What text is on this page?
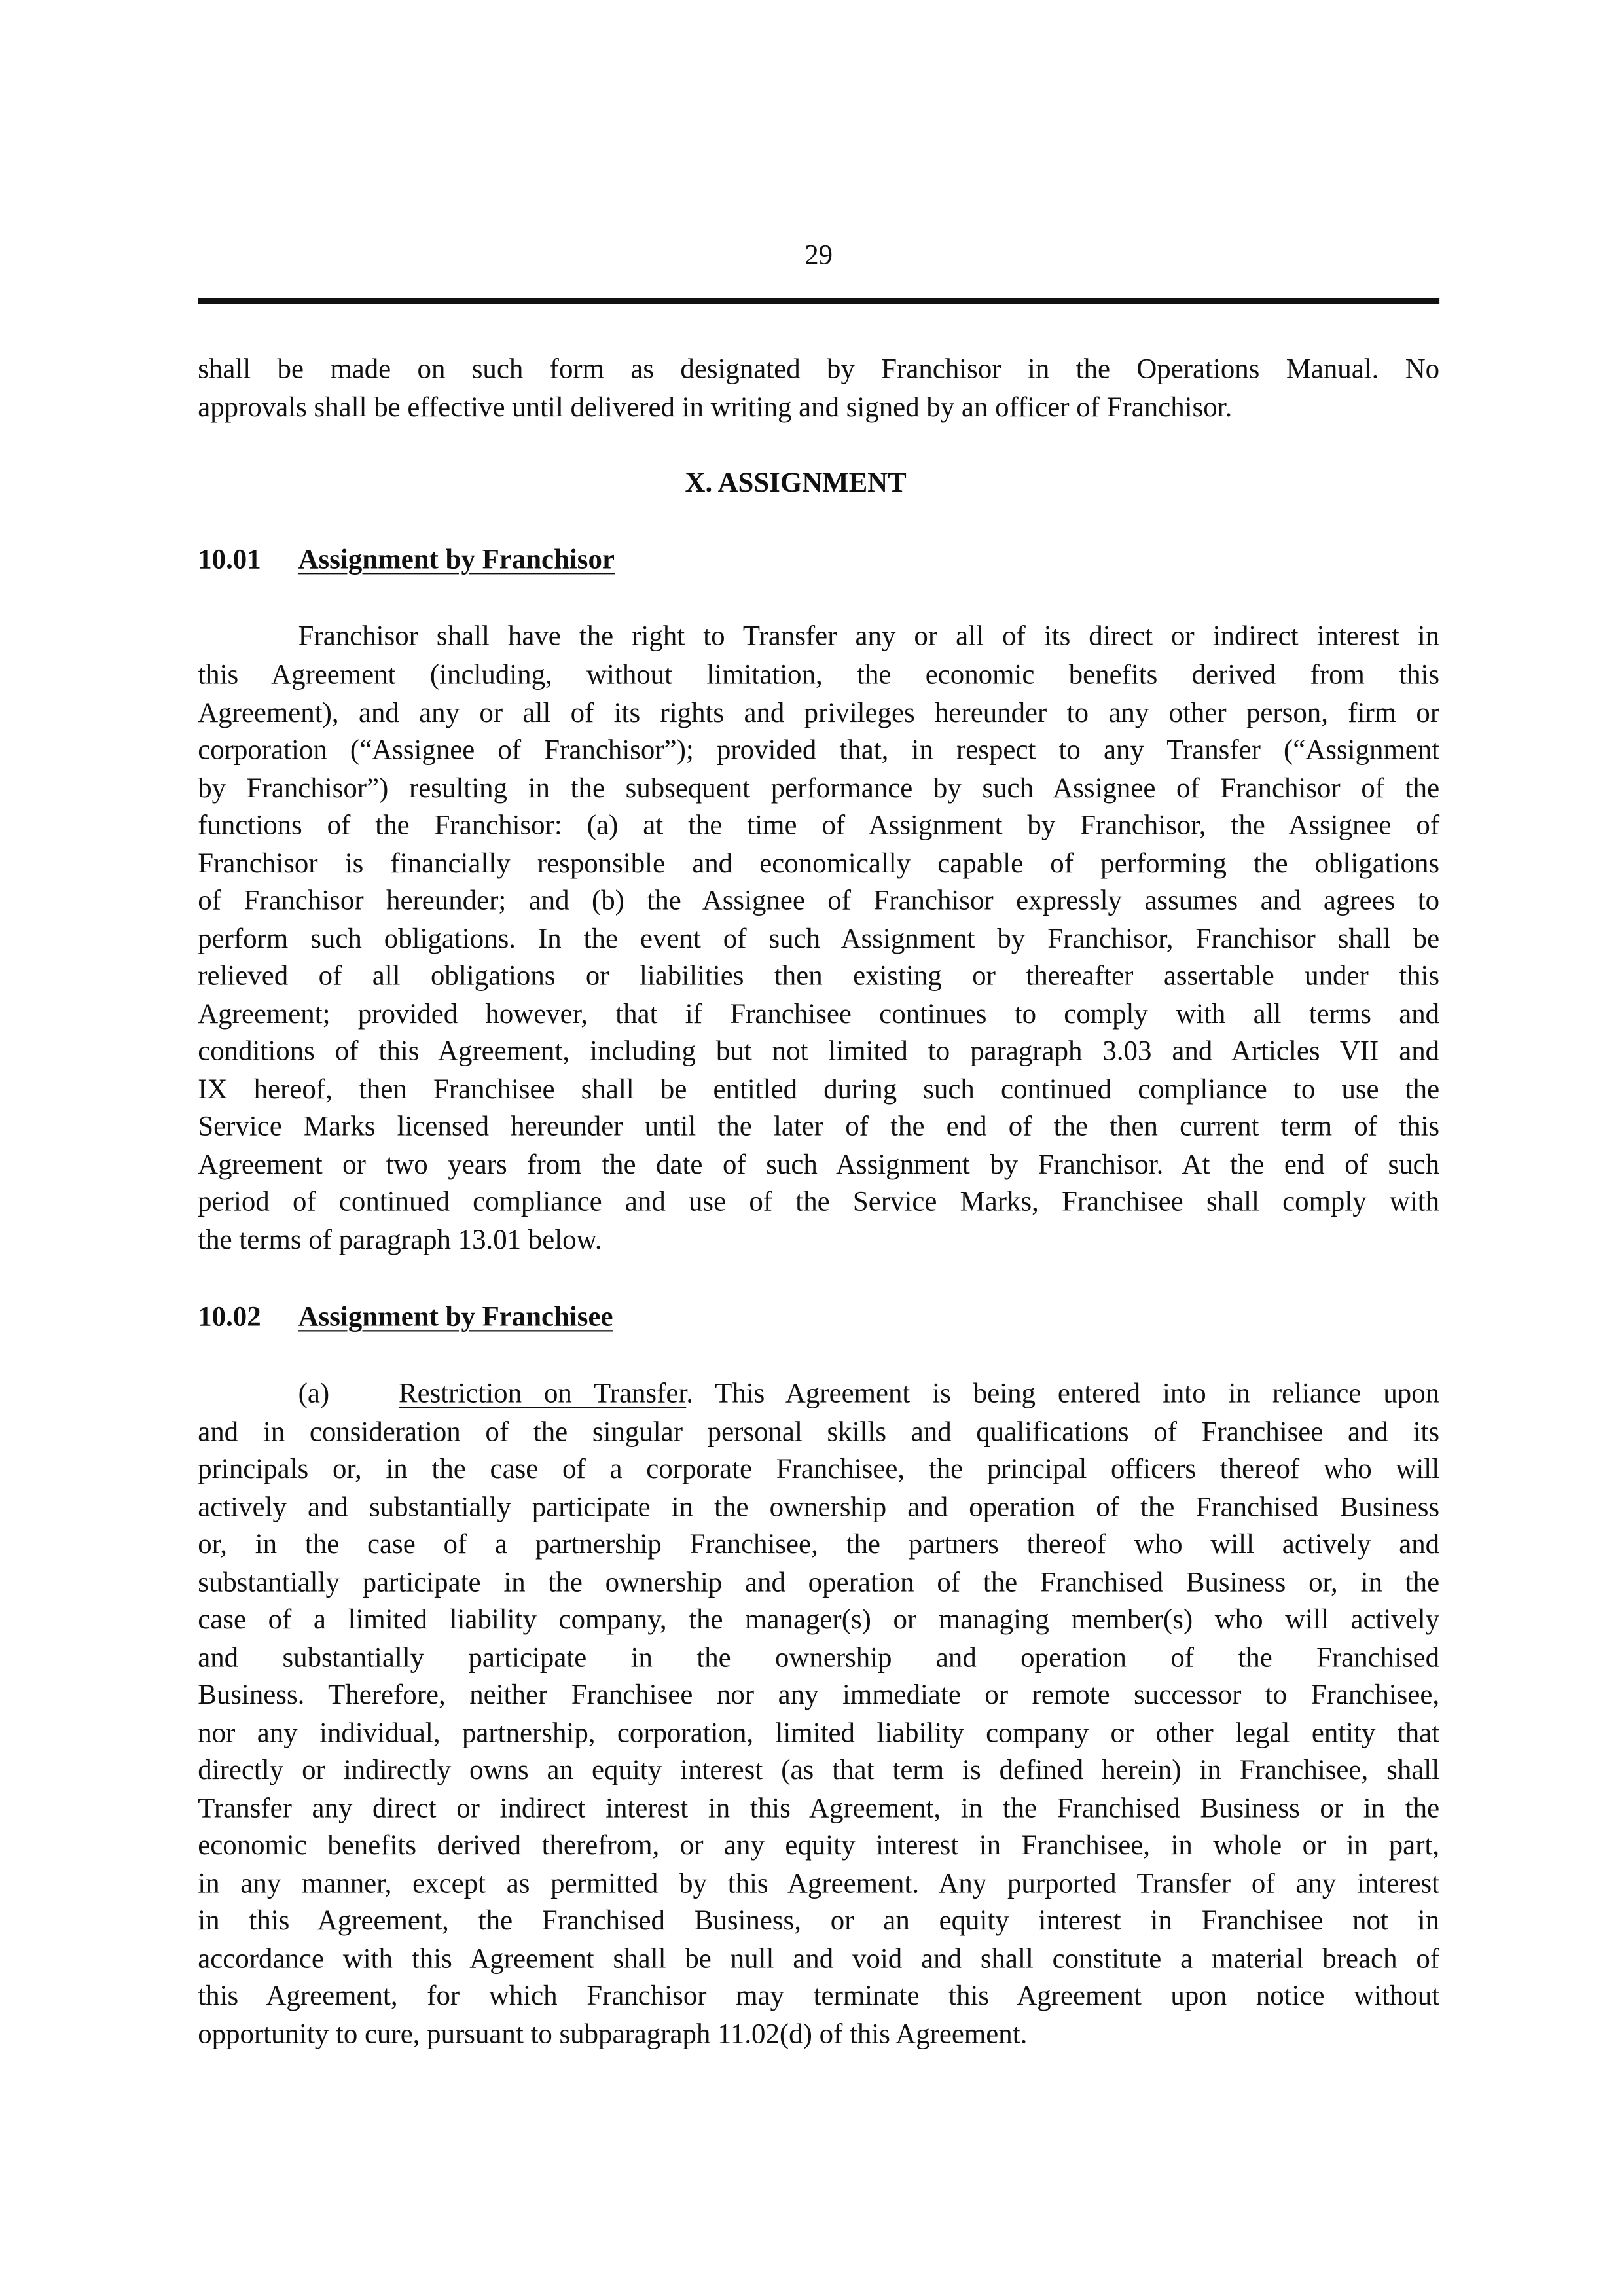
29
shall be made on such form as designated by Franchisor in the Operations Manual. No
approvals shall be effective until delivered in writing and signed by an officer of Franchisor.
X. ASSIGNMENT
10.01	Assignment by Franchisor
Franchisor shall have the right to Transfer any or all of its direct or indirect interest in
this Agreement (including, without limitation, the economic benefits derived from this
Agreement), and any or all of its rights and privileges hereunder to any other person, firm or
corporation (“Assignee of Franchisor”); provided that, in respect to any Transfer (“Assignment
by Franchisor”) resulting in the subsequent performance by such Assignee of Franchisor of the
functions of the Franchisor: (a) at the time of Assignment by Franchisor, the Assignee of
Franchisor is financially responsible and economically capable of performing the obligations
of Franchisor hereunder; and (b) the Assignee of Franchisor expressly assumes and agrees to
perform such obligations. In the event of such Assignment by Franchisor, Franchisor shall be
relieved of all obligations or liabilities then existing or thereafter assertable under this
Agreement; provided however, that if Franchisee continues to comply with all terms and
conditions of this Agreement, including but not limited to paragraph 3.03 and Articles VII and
IX hereof, then Franchisee shall be entitled during such continued compliance to use the
Service Marks licensed hereunder until the later of the end of the then current term of this
Agreement or two years from the date of such Assignment by Franchisor. At the end of such
period of continued compliance and use of the Service Marks, Franchisee shall comply with
the terms of paragraph 13.01 below.
10.02	Assignment by Franchisee
(a)	Restriction on Transfer. This Agreement is being entered into in reliance upon
and in consideration of the singular personal skills and qualifications of Franchisee and its
principals or, in the case of a corporate Franchisee, the principal officers thereof who will
actively and substantially participate in the ownership and operation of the Franchised Business
or, in the case of a partnership Franchisee, the partners thereof who will actively and
substantially participate in the ownership and operation of the Franchised Business or, in the
case of a limited liability company, the manager(s) or managing member(s) who will actively
and substantially participate in the ownership and operation of the Franchised
Business. Therefore, neither Franchisee nor any immediate or remote successor to Franchisee,
nor any individual, partnership, corporation, limited liability company or other legal entity that
directly or indirectly owns an equity interest (as that term is defined herein) in Franchisee, shall
Transfer any direct or indirect interest in this Agreement, in the Franchised Business or in the
economic benefits derived therefrom, or any equity interest in Franchisee, in whole or in part,
in any manner, except as permitted by this Agreement. Any purported Transfer of any interest
in this Agreement, the Franchised Business, or an equity interest in Franchisee not in
accordance with this Agreement shall be null and void and shall constitute a material breach of
this Agreement, for which Franchisor may terminate this Agreement upon notice without
opportunity to cure, pursuant to subparagraph 11.02(d) of this Agreement.
